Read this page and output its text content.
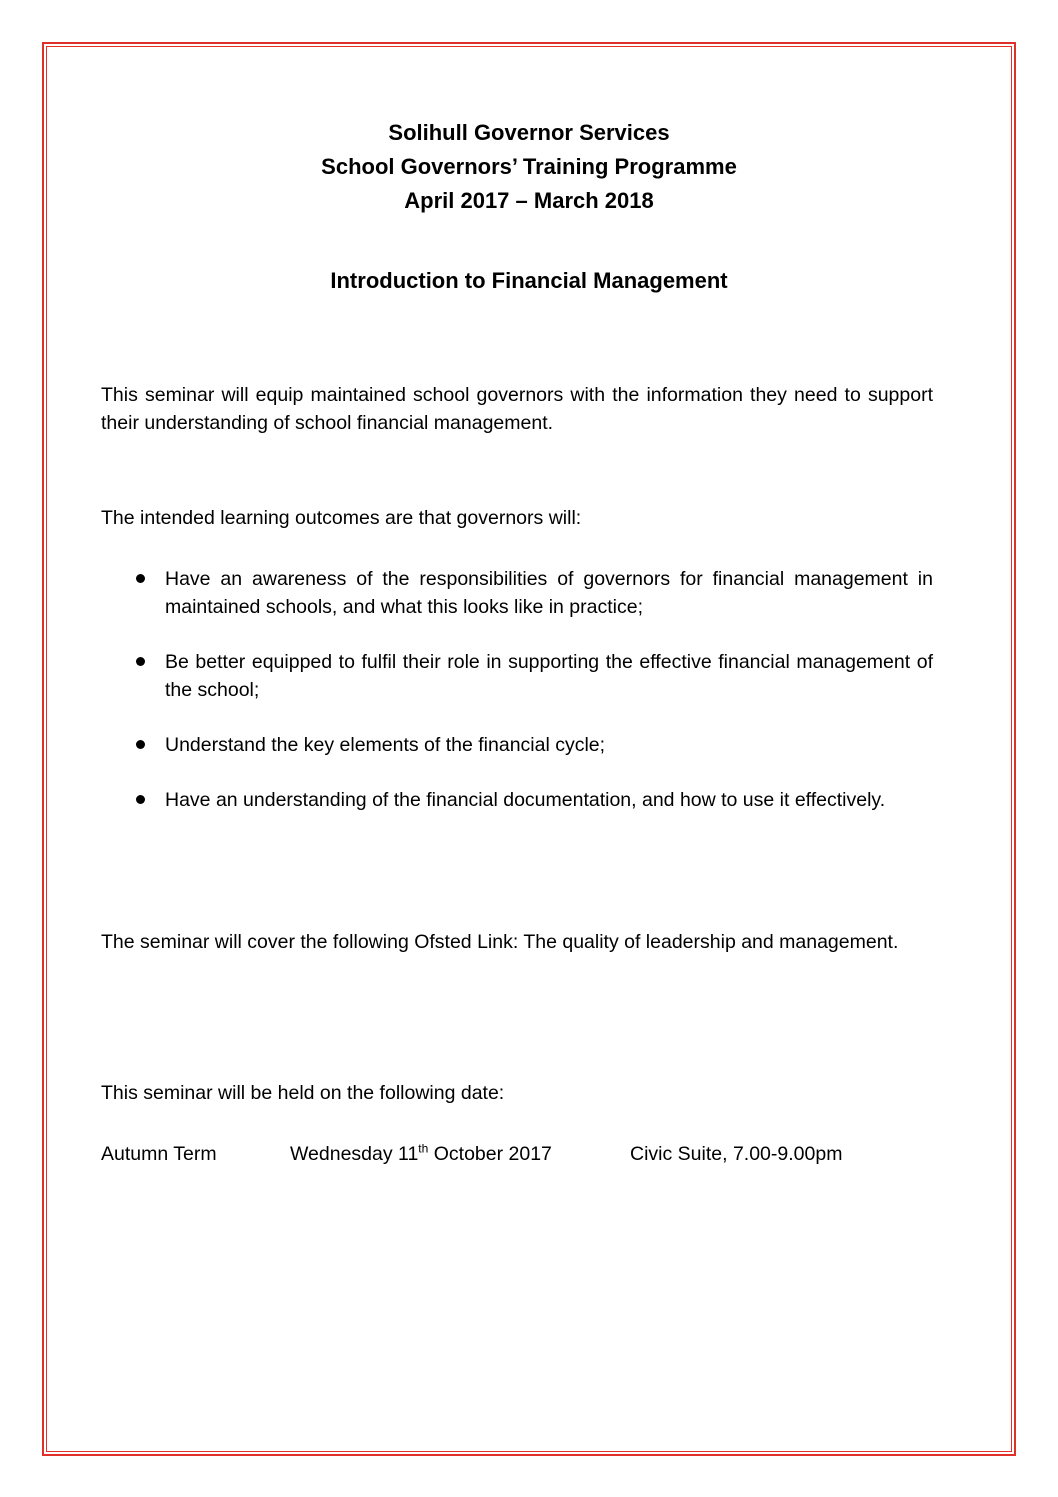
Solihull Governor Services
School Governors’ Training Programme
April 2017 – March 2018
Introduction to Financial Management
This seminar will equip maintained school governors with the information they need to support their understanding of school financial management.
The intended learning outcomes are that governors will:
Have an awareness of the responsibilities of governors for financial management in maintained schools, and what this looks like in practice;
Be better equipped to fulfil their role in supporting the effective financial management of the school;
Understand the key elements of the financial cycle;
Have an understanding of the financial documentation, and how to use it effectively.
The seminar will cover the following Ofsted Link: The quality of leadership and management.
This seminar will be held on the following date:
Autumn Term	Wednesday 11th October 2017	Civic Suite, 7.00-9.00pm
